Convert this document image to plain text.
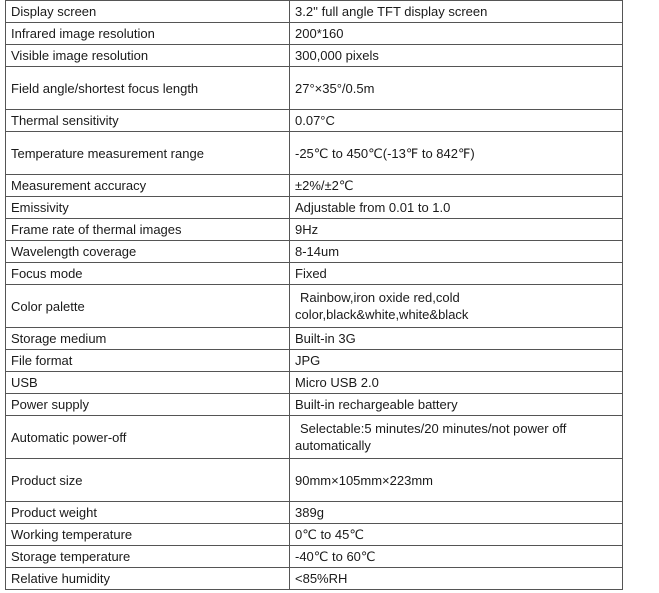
Display screen	3.2'' full angle TFT display screen
Infrared image resolution	200*160
Visible image resolution	300,000 pixels
Field angle/shortest focus length	27°×35°/0.5m
Thermal sensitivity	0.07°C
Temperature measurement range	-25℃ to 450℃(-13℉ to 842℉)
Measurement accuracy	±2%/±2℃
Emissivity	Adjustable from 0.01 to 1.0
Frame rate of thermal images	9Hz
Wavelength coverage	8-14um
Focus mode	Fixed
Color palette	Rainbow,iron oxide red,cold
color,black&white,white&black

Storage medium	Built-in 3G
File format	JPG
USB	Micro USB 2.0
Power supply	Built-in rechargeable battery
Automatic power-off	Selectable:5 minutes/20 minutes/not power off
automatically

Product size	90mm×105mm×223mm
Product weight	389g
Working temperature	0℃ to 45℃
Storage temperature	-40℃ to 60℃
Relative humidity	<85%RH
